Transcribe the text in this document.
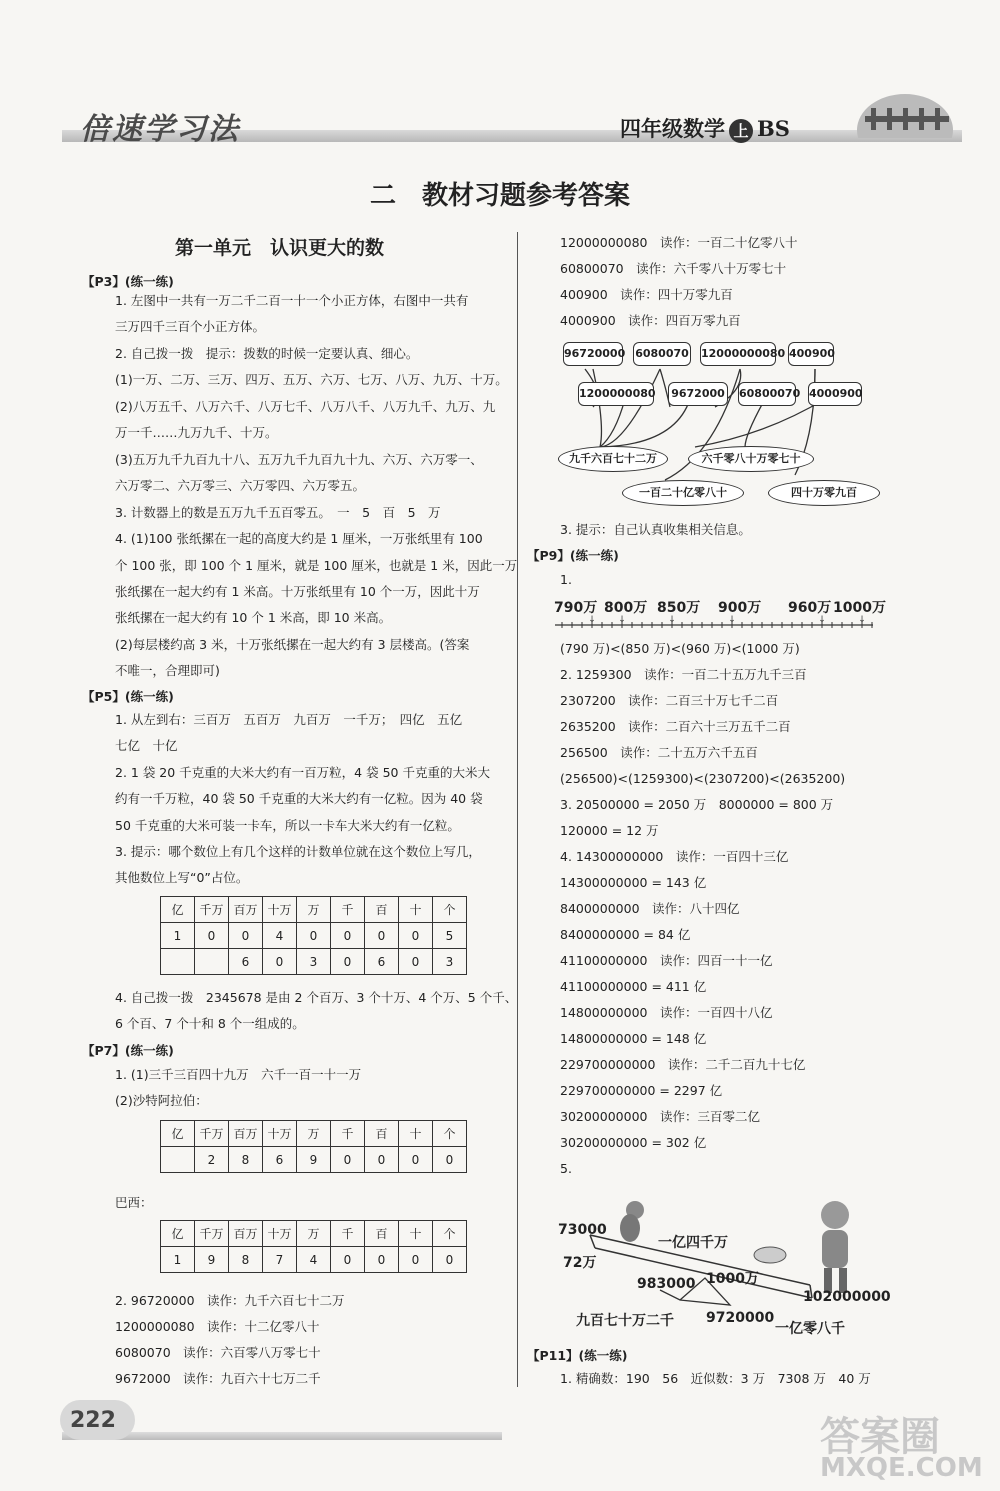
倍速学习法	四年级数学 上 BS
二　教材习题参考答案
第一单元　认识更大的数
【P3】(练一练)
1. 左图中一共有一万二千二百一十一个小正方体，右图中一共有
三万四千三百个小正方体。
2. 自己拨一拨　提示：拨数的时候一定要认真、细心。
(1)一万、二万、三万、四万、五万、六万、七万、八万、九万、十万。
(2)八万五千、八万六千、八万七千、八万八千、八万九千、九万、九
万一千……九万九千、十万。
(3)五万九千九百九十八、五万九千九百九十九、六万、六万零一、
六万零二、六万零三、六万零四、六万零五。
3. 计数器上的数是五万九千五百零五。　一　5　百　5　万
4. (1)100 张纸摞在一起的高度大约是 1 厘米，一万张纸里有 100
个 100 张，即 100 个 1 厘米，就是 100 厘米，也就是 1 米，因此一万
张纸摞在一起大约有 1 米高。十万张纸里有 10 个一万，因此十万
张纸摞在一起大约有 10 个 1 米高，即 10 米高。
(2)每层楼约高 3 米，十万张纸摞在一起大约有 3 层楼高。(答案
不唯一，合理即可)
【P5】(练一练)
1. 从左到右：三百万　五百万　九百万　一千万；　四亿　五亿
七亿　十亿
2. 1 袋 20 千克重的大米大约有一百万粒，4 袋 50 千克重的大米大
约有一千万粒，40 袋 50 千克重的大米大约有一亿粒。因为 40 袋
50 千克重的大米可装一卡车，所以一卡车大米大约有一亿粒。
3. 提示：哪个数位上有几个这样的计数单位就在这个数位上写几，
其他数位上写“0”占位。
亿	千万	百万	十万	万	千	百	十	个
1	0	0	4	0	0	0	0	5
		6	0	3	0	6	0	3
4. 自己拨一拨　2345678 是由 2 个百万、3 个十万、4 个万、5 个千、
6 个百、7 个十和 8 个一组成的。
【P7】(练一练)
1. (1)三千三百四十九万　六千一百一十一万
(2)沙特阿拉伯：
亿	千万	百万	十万	万	千	百	十	个
	2	8	6	9	0	0	0	0
巴西：
亿	千万	百万	十万	万	千	百	十	个
1	9	8	7	4	0	0	0	0
2. 96720000　读作：九千六百七十二万
1200000080　读作：十二亿零八十
6080070　读作：六百零八万零七十
9672000　读作：九百六十七万二千
12000000080　读作：一百二十亿零八十
60800070　读作：六千零八十万零七十
400900　读作：四十万零九百
4000900　读作：四百万零九百
96720000 6080070 12000000080 400900
1200000080 9672000 60800070 4000900
九千六百七十二万	六千零八十万零七十
一百二十亿零八十	四十万零九百
3. 提示：自己认真收集相关信息。
【P9】(练一练)
1.
790万 800万 850万 900万 960万 1000万
↓ ↓	↓	↓	↓	↓
(790 万)<(850 万)<(960 万)<(1000 万)
2. 1259300　读作：一百二十五万九千三百
2307200　读作：二百三十万七千二百
2635200　读作：二百六十三万五千二百
256500　读作：二十五万六千五百
(256500)<(1259300)<(2307200)<(2635200)
3. 20500000 = 2050 万　8000000 = 800 万
120000 = 12 万
4. 14300000000　读作：一百四十三亿
14300000000 = 143 亿
8400000000　读作：八十四亿
8400000000 = 84 亿
41100000000　读作：四百一十一亿
41100000000 = 411 亿
14800000000　读作：一百四十八亿
14800000000 = 148 亿
229700000000　读作：二千二百九十七亿
229700000000 = 2297 亿
30200000000　读作：三百零二亿
30200000000 = 302 亿
5.
73000
72万
一亿四千万
1000万
983000
102000000
九百七十万二千 9720000
一亿零八千
【P11】(练一练)
1. 精确数：190　56　近似数：3 万　7308 万　40 万
222	答案圈
MXQE.COM
